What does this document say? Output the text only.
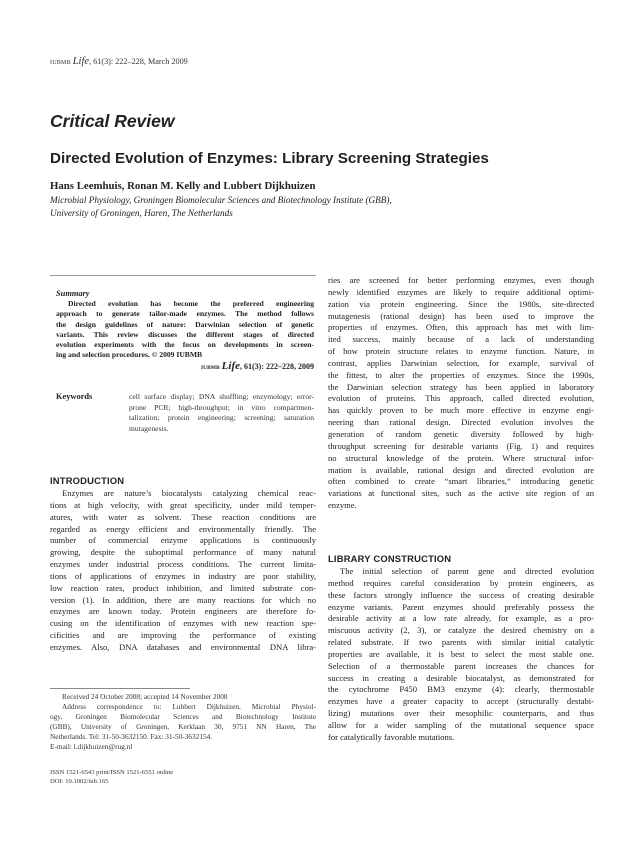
IUBMB Life, 61(3): 222–228, March 2009
Critical Review
Directed Evolution of Enzymes: Library Screening Strategies
Hans Leemhuis, Ronan M. Kelly and Lubbert Dijkhuizen
Microbial Physiology, Groningen Biomolecular Sciences and Biotechnology Institute (GBB),
University of Groningen, Haren, The Netherlands
Summary
Directed evolution has become the preferred engineering
approach to generate tailor-made enzymes. The method follows
the design guidelines of nature: Darwinian selection of genetic
variants. This review discusses the different stages of directed
evolution experiments with the focus on developments in screen-
ing and selection procedures. © 2009 IUBMB
IUBMB Life, 61(3): 222–228, 2009
Keywords	cell surface display; DNA shuffling; enzymology; error-
prone PCR; high-throughput; in vitro compartmen-
talization; protein engineering; screening; saturation
mutagenesis.
INTRODUCTION
Enzymes are nature’s biocatalysts catalyzing chemical reac-
tions at high velocity, with great specificity, under mild temper-
atures, with water as solvent. These reaction conditions are
regarded as energy efficient and environmentally friendly. The
number of commercial enzyme applications is continuously
growing, despite the suboptimal performance of many natural
enzymes under industrial process conditions. The current limita-
tions of applications of enzymes in industry are poor stability,
low reaction rates, product inhibition, and limited substrate con-
version (1). In addition, there are many reactions for which no
enzymes are known today. Protein engineers are therefore fo-
cusing on the identification of enzymes with new reaction spe-
cificities and are improving the performance of existing
enzymes. Also, DNA databases and environmental DNA libra-
Received 24 October 2008; accepted 14 November 2008
Address correspondence to: Lubbert Dijkhuizen, Microbial Physiol-
ogy, Groningen Biomolecular Sciences and Biotechnology Institute
(GBB), University of Groningen, Kerklaan 30, 9751 NN Haren, The
Netherlands. Tel: 31-50-3632150. Fax: 31-50-3632154.
E-mail: l.dijkhuizen@rug.nl
ISSN 1521-6543 print/ISSN 1521-6551 online
DOI: 10.1002/iub.165
ries are screened for better performing enzymes, even though
newly identified enzymes are likely to require additional optimi-
zation via protein engineering. Since the 1980s, site-directed
mutagenesis (rational design) has been used to improve the
properties of enzymes. Often, this approach has met with lim-
ited success, mainly because of a lack of understanding
of how protein structure relates to enzyme function. Nature, in
contrast, applies Darwinian selection, for example, survival of
the fittest, to alter the properties of enzymes. Since the 1990s,
the Darwinian selection strategy has been applied in laboratory
evolution of proteins. This approach, called directed evolution,
has quickly proven to be much more effective in enzyme engi-
neering than rational design. Directed evolution involves the
generation of random genetic diversity followed by high-
throughput screening for desirable variants (Fig. 1) and requires
no structural knowledge of the protein. Where structural infor-
mation is available, rational design and directed evolution are
often combined to create “smart libraries,” introducing genetic
variations at functional sites, such as the active site region of an
enzyme.
LIBRARY CONSTRUCTION
The initial selection of parent gene and directed evolution
method requires careful consideration by protein engineers, as
these factors strongly influence the success of creating desirable
enzyme variants. Parent enzymes should preferably possess the
desirable activity at a low rate already, for example, as a pro-
miscuous activity (2, 3), or catalyze the desired chemistry on a
related substrate. If two parents with similar initial catalytic
properties are available, it is best to select the most stable one.
Selection of a thermostable parent increases the chances for
success in creating a desirable biocatalyst, as demonstrated for
the cytochrome P450 BM3 enzyme (4): clearly, thermostable
enzymes have a greater capacity to accept (structurally destabi-
lizing) mutations over their mesophilic counterparts, and thus
allow for a wider sampling of the mutational sequence space
for catalytically favorable mutations.
